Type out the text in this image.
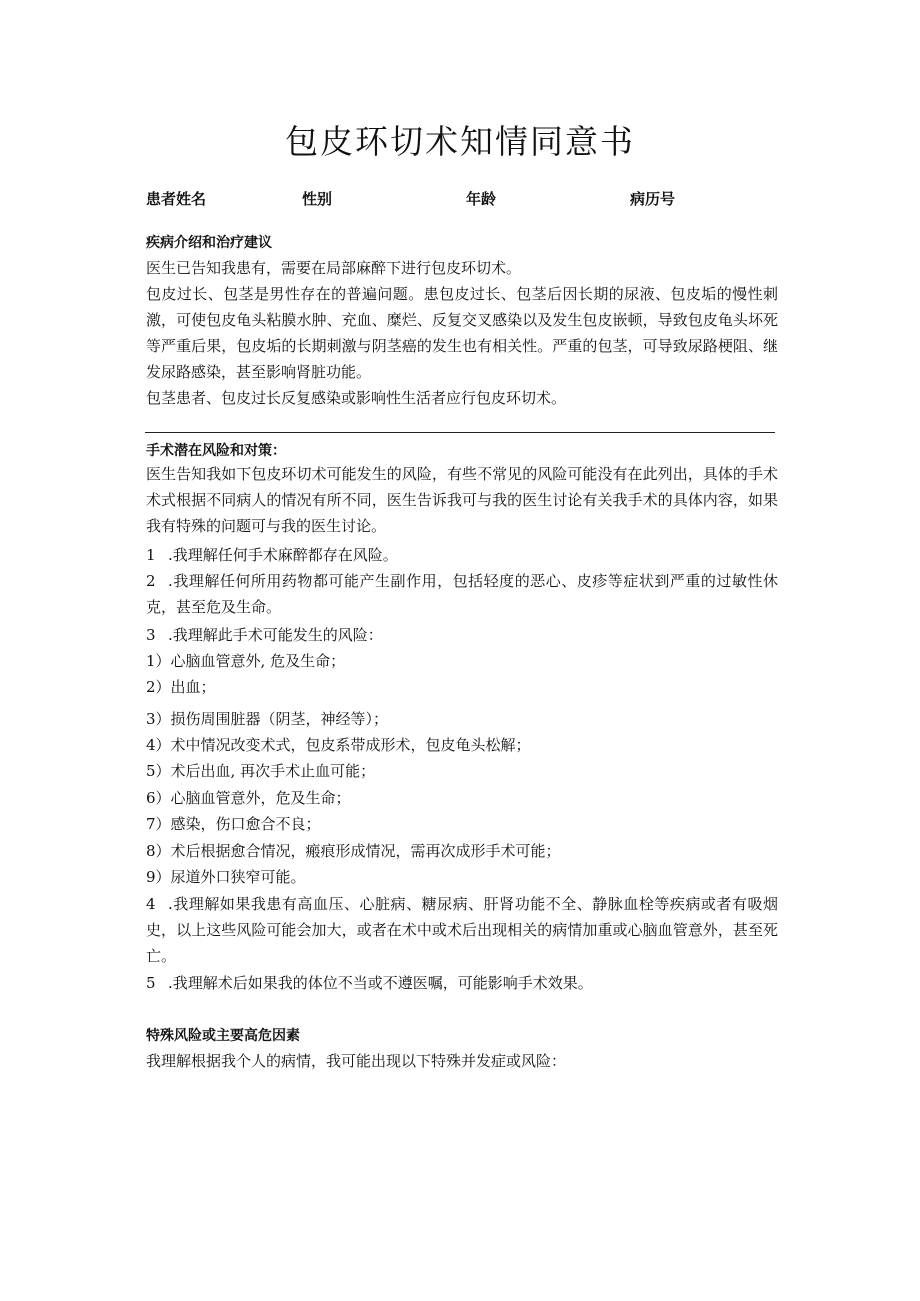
包皮环切术知情同意书
患者姓名	性别	年龄	病历号
疾病介绍和治疗建议

医生已告知我患有，需要在局部麻醉下进行包皮环切术。

包皮过长、包茎是男性存在的普遍问题。患包皮过长、包茎后因长期的尿液、包皮垢的慢性刺激，可使包皮龟头粘膜水肿、充血、糜烂、反复交叉感染以及发生包皮嵌顿，导致包皮龟头坏死等严重后果，包皮垢的长期刺激与阴茎癌的发生也有相关性。严重的包茎，可导致尿路梗阻、继发尿路感染，甚至影响肾脏功能。

包茎患者、包皮过长反复感染或影响性生活者应行包皮环切术。

手术潜在风险和对策：

医生告知我如下包皮环切术可能发生的风险，有些不常见的风险可能没有在此列出，具体的手术术式根据不同病人的情况有所不同，医生告诉我可与我的医生讨论有关我手术的具体内容，如果我有特殊的问题可与我的医生讨论。

1 .我理解任何手术麻醉都存在风险。

2 .我理解任何所用药物都可能产生副作用，包括轻度的恶心、皮疹等症状到严重的过敏性休克，甚至危及生命。

3 .我理解此手术可能发生的风险：

1）心脑血管意外, 危及生命；

2）出血；

3）损伤周围脏器（阴茎，神经等）；

4）术中情况改变术式，包皮系带成形术，包皮龟头松解；

5）术后出血, 再次手术止血可能；

6）心脑血管意外，危及生命；

7）感染，伤口愈合不良；

8）术后根据愈合情况，瘢痕形成情况，需再次成形手术可能；

9）尿道外口狭窄可能。

4 .我理解如果我患有高血压、心脏病、糖尿病、肝肾功能不全、静脉血栓等疾病或者有吸烟史，以上这些风险可能会加大，或者在术中或术后出现相关的病情加重或心脑血管意外，甚至死亡。

5 .我理解术后如果我的体位不当或不遵医嘱，可能影响手术效果。

特殊风险或主要高危因素

我理解根据我个人的病情，我可能出现以下特殊并发症或风险：
